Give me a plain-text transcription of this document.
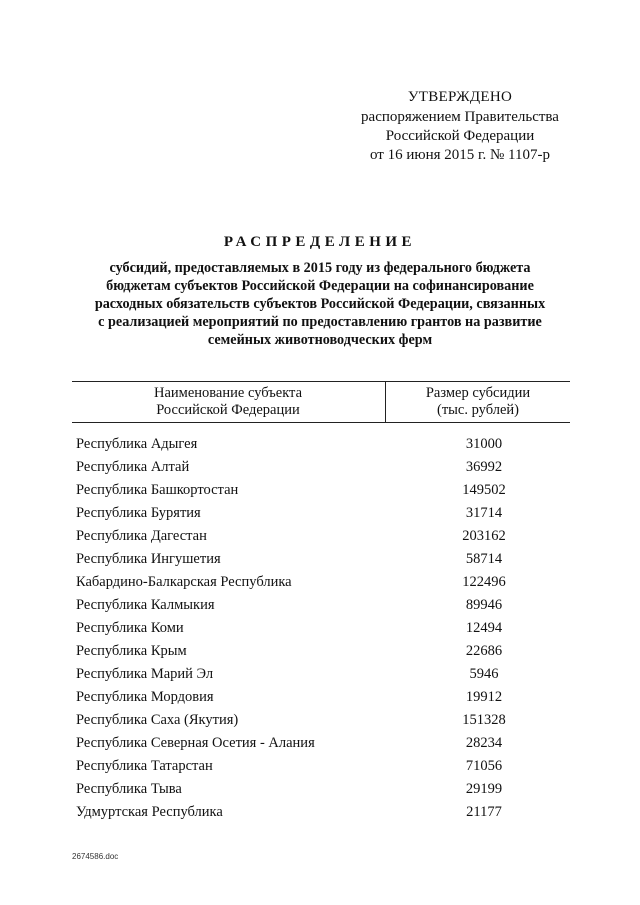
УТВЕРЖДЕНО
распоряжением Правительства
Российской Федерации
от 16 июня 2015 г. № 1107-р
РАСПРЕДЕЛЕНИЕ
субсидий, предоставляемых в 2015 году из федерального бюджета
бюджетам субъектов Российской Федерации на софинансирование
расходных обязательств субъектов Российской Федерации, связанных
с реализацией мероприятий по предоставлению грантов на развитие
семейных животноводческих ферм
Наименование субъекта
Российской Федерации
Размер субсидии
(тыс. рублей)
Республика Адыгея	31000
Республика Алтай	36992
Республика Башкортостан	149502
Республика Бурятия	31714
Республика Дагестан	203162
Республика Ингушетия	58714
Кабардино-Балкарская Республика	122496
Республика Калмыкия	89946
Республика Коми	12494
Республика Крым	22686
Республика Марий Эл	5946
Республика Мордовия	19912
Республика Саха (Якутия)	151328
Республика Северная Осетия - Алания	28234
Республика Татарстан	71056
Республика Тыва	29199
Удмуртская Республика	21177
2674586.doc
